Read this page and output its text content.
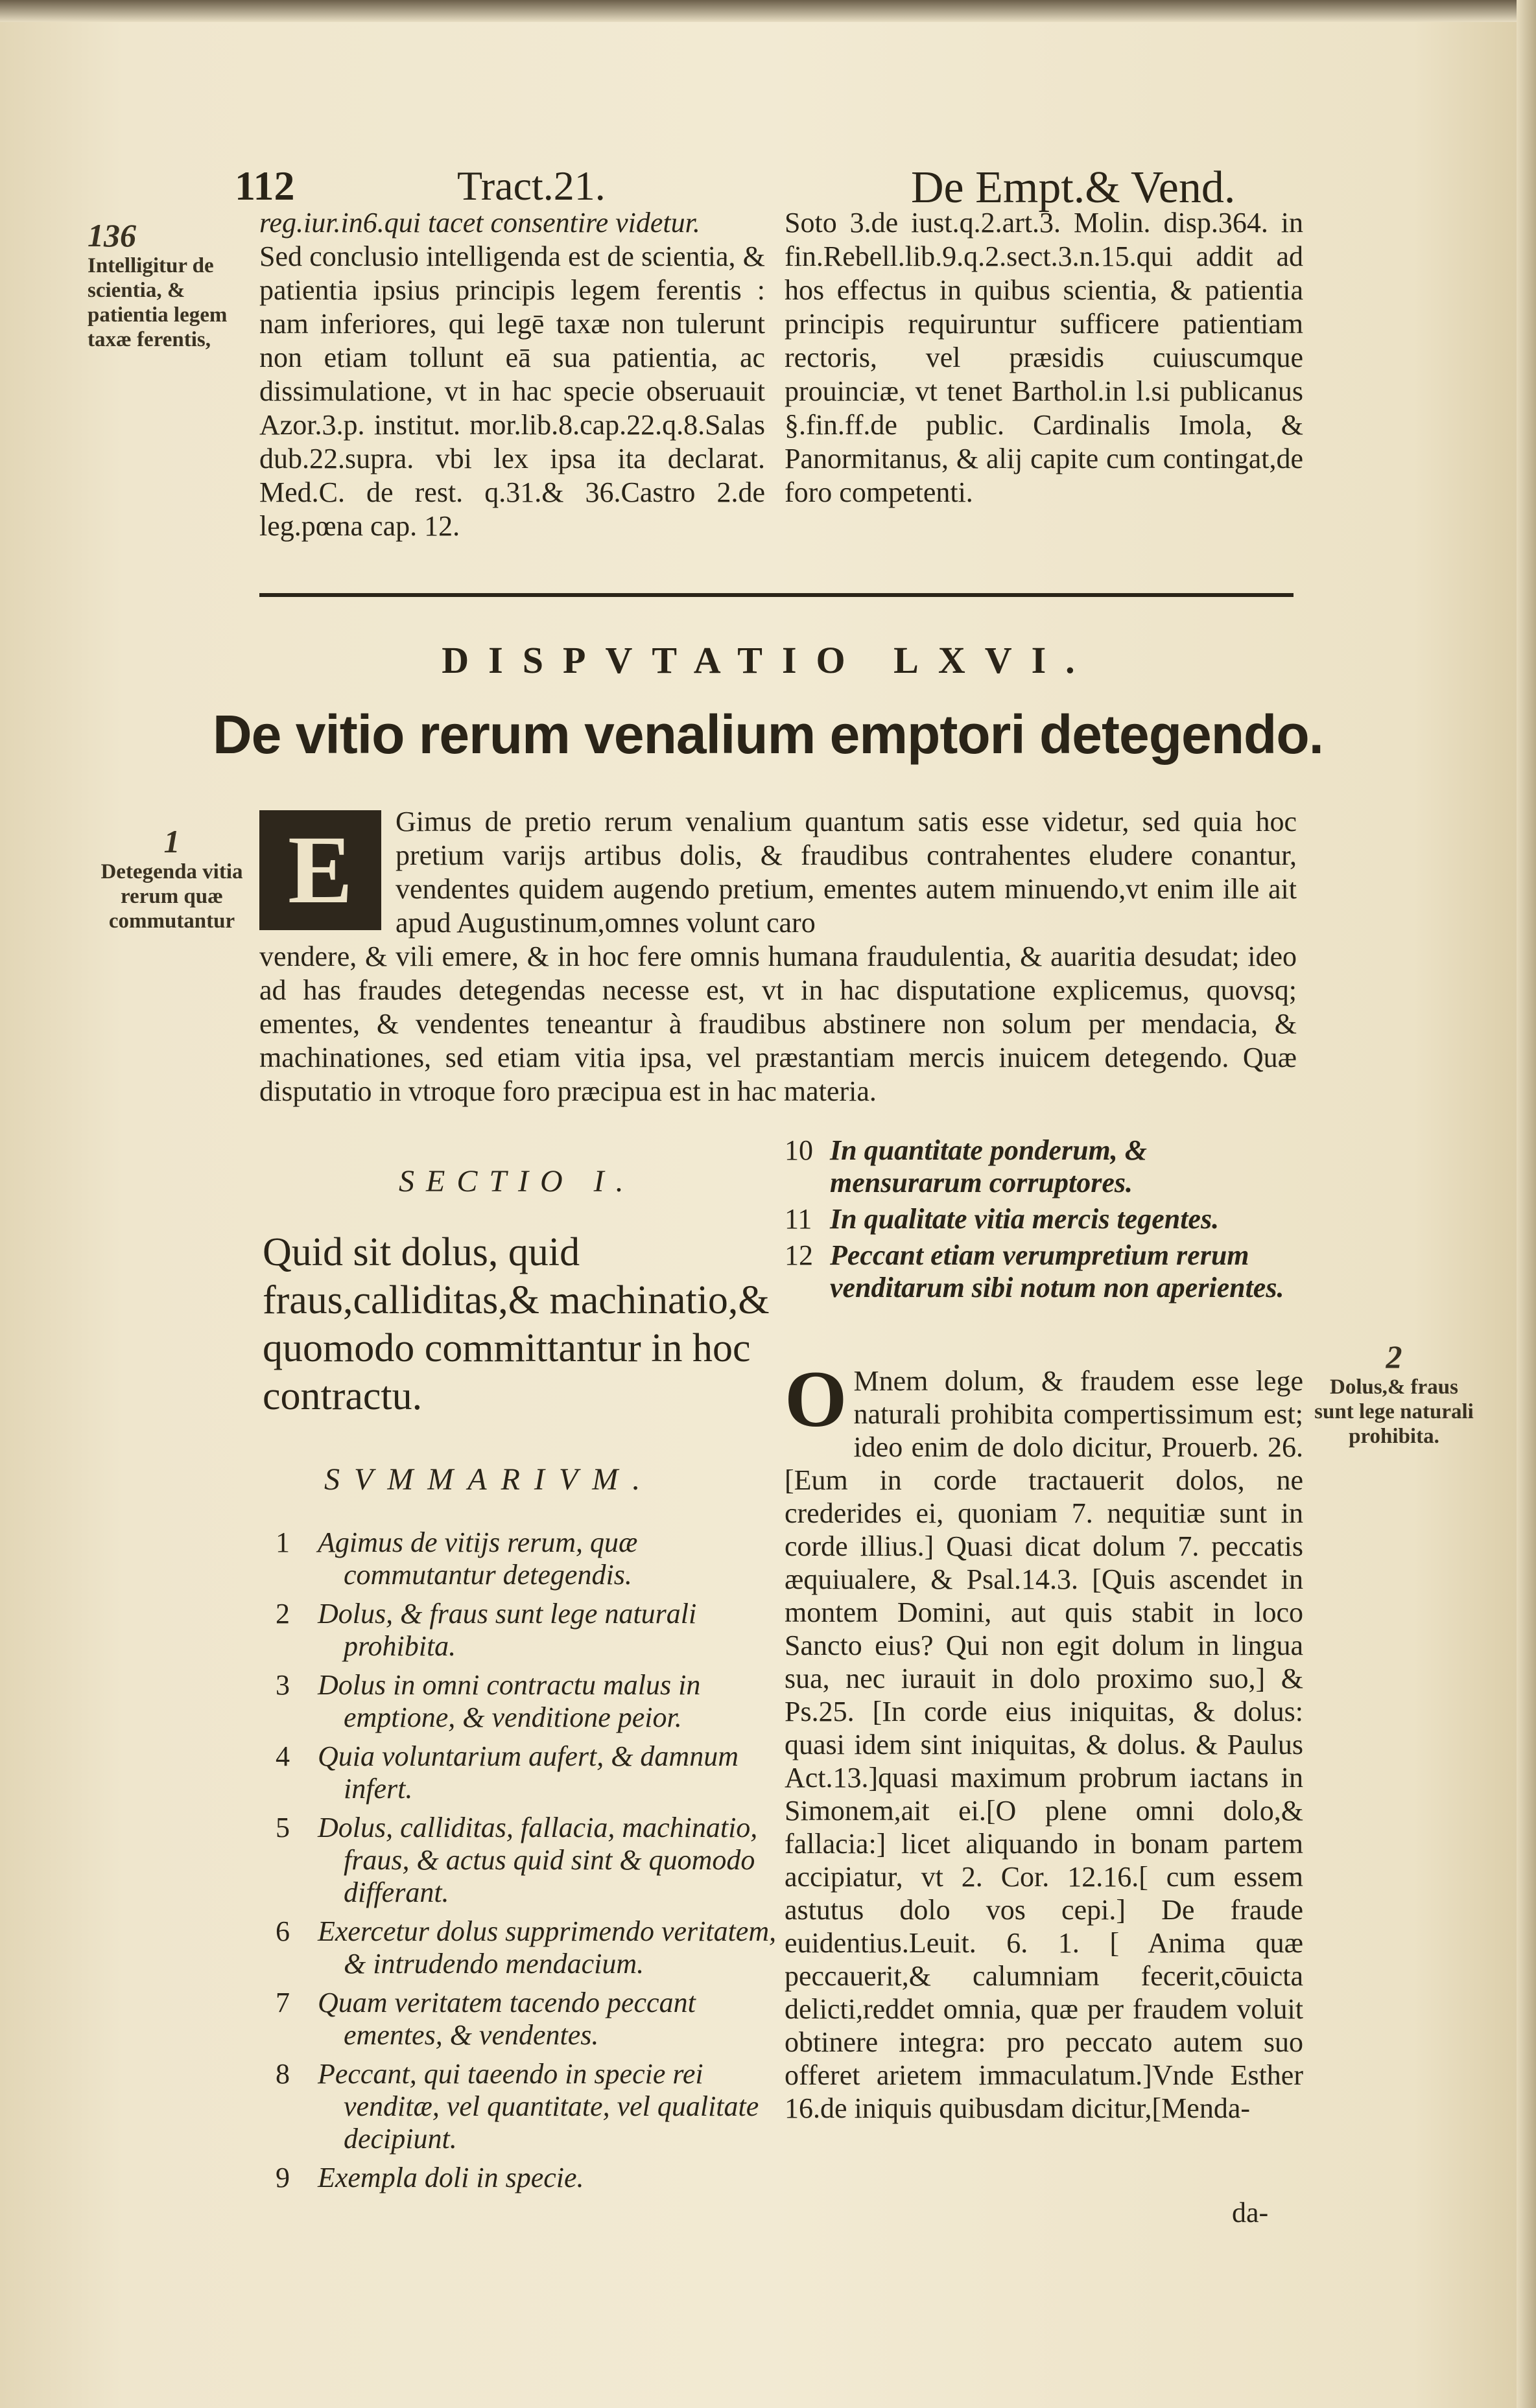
112	Tract.21.	De Empt.& Vend.
136
Intelligitur de scientia, & patientia legem taxæ ferentis,

reg.iur.in6.qui tacet consentire videtur.

Sed conclusio intelligenda est de scientia, & patientia ipsius principis legem ferentis : nam inferiores, qui legē taxæ non tulerunt non etiam tollunt eā sua patientia, ac dissimulatione, vt in hac specie obseruauit Azor.3.p. institut. mor.lib.8.cap.22.q.8.Salas dub.22.supra. vbi lex ipsa ita declarat. Med.C. de rest. q.31.& 36.Castro 2.de leg.pœna cap. 12.

Soto 3.de iust.q.2.art.3. Molin. disp.364. in fin.Rebell.lib.9.q.2.sect.3.n.15.qui addit ad hos effectus in quibus scientia, & patientia principis requiruntur sufficere patientiam rectoris, vel præsidis cuiuscumque prouinciæ, vt tenet Barthol.in l.si publicanus §.fin.ff.de public. Cardinalis Imola, & Panormitanus, & alij capite cum contingat,de foro competenti.

DISPVTATIO LXVI.
De vitio rerum venalium emptori detegendo.
1
Detegenda vitia rerum quæ commutantur E	Gimus de pretio rerum venalium quantum satis esse videtur, sed quia hoc pretium varijs artibus dolis, & fraudibus contrahentes eludere conantur, vendentes quidem augendo pretium, ementes autem minuendo,vt enim ille ait apud Augustinum,omnes volunt caro
vendere, & vili emere, & in hoc fere omnis humana fraudulentia, & auaritia desudat; ideo ad has fraudes detegendas necesse est, vt in hac disputatione explicemus, quovsq; ementes, & vendentes teneantur à fraudibus abstinere non solum per mendacia, & machinationes, sed etiam vitia ipsa, vel præstantiam mercis inuicem detegendo. Quæ disputatio in vtroque foro præcipua est in hac materia.
SECTIO I.
Quid sit dolus, quid fraus,calliditas,& machinatio,& quomodo committantur in hoc contractu.
SVMMARIVM.
1 Agimus de vitijs rerum, quæ commutantur detegendis.
2 Dolus, & fraus sunt lege naturali prohibita.
3 Dolus in omni contractu malus in emptione, & venditione peior.
4 Quia voluntarium aufert, & damnum infert.
5 Dolus, calliditas, fallacia, machinatio, fraus, & actus quid sint & quomodo differant.
6 Exercetur dolus supprimendo veritatem, & intrudendo mendacium.
7 Quam veritatem tacendo peccant ementes, & vendentes.
8 Peccant, qui taeendo in specie rei venditæ, vel quantitate, vel qualitate decipiunt.
9 Exempla doli in specie.
10 In quantitate ponderum, & mensurarum corruptores.
11 In qualitate vitia mercis tegentes.
12 Peccant etiam verumpretium rerum venditarum sibi notum non aperientes.
2
Dolus,& fraus sunt lege naturali prohibita.
O Mnem dolum, & fraudem esse lege naturali prohibita compertissimum est; ideo enim de dolo dicitur, Prouerb. 26.[Eum in corde tractauerit dolos, ne crederides ei, quoniam 7. nequitiæ sunt in corde illius.] Quasi dicat dolum 7. peccatis æquiualere, & Psal.14.3. [Quis ascendet in montem Domini, aut quis stabit in loco Sancto eius? Qui non egit dolum in lingua sua, nec iurauit in dolo proximo suo,] & Ps.25. [In corde eius iniquitas, & dolus: quasi idem sint iniquitas, & dolus. & Paulus Act.13.]quasi maximum probrum iactans in Simonem,ait ei.[O plene omni dolo,& fallacia:] licet aliquando in bonam partem accipiatur, vt 2. Cor. 12.16.[ cum essem astutus dolo vos cepi.] De fraude euidentius.Leuit. 6. 1. [ Anima quæ peccauerit,& calumniam fecerit,cōuicta delicti,reddet omnia, quæ per fraudem voluit obtinere integra: pro peccato autem suo offeret arietem immaculatum.]Vnde Esther 16.de iniquis quibusdam dicitur,[Menda-
da-
